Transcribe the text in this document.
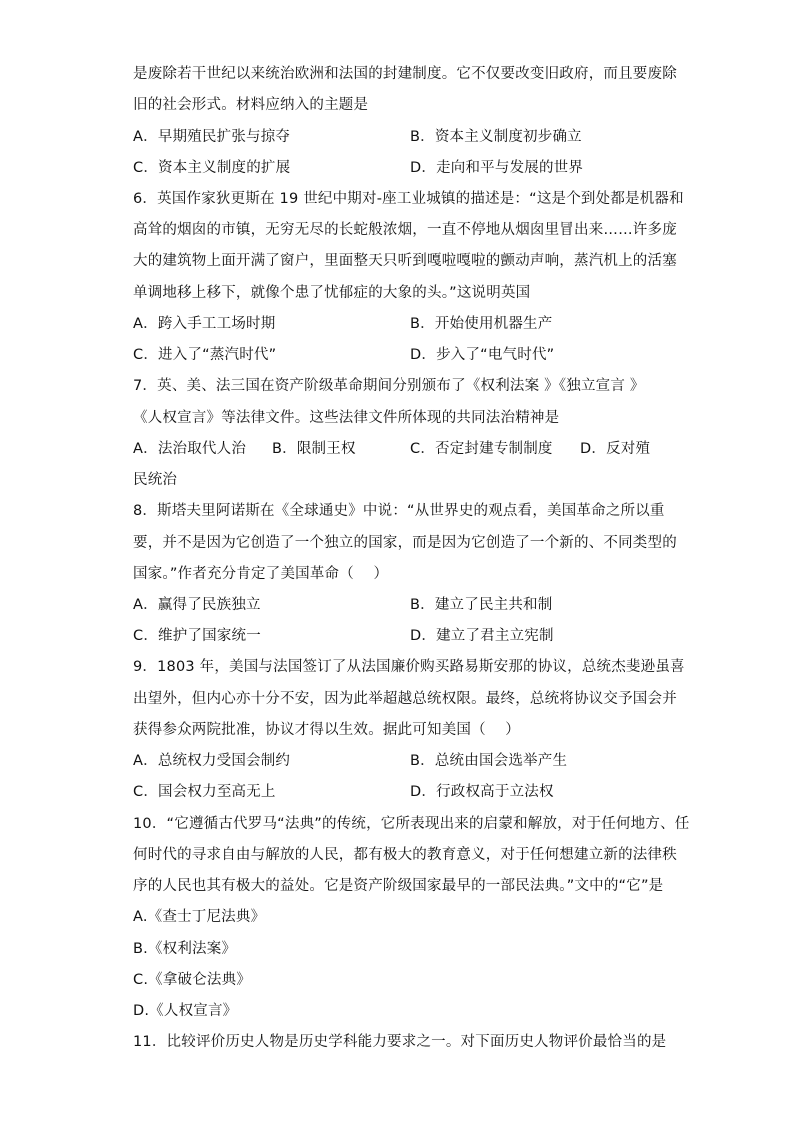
是废除若干世纪以来统治欧洲和法国的封建制度。它不仅要改变旧政府，而且要废除
旧的社会形式。材料应纳入的主题是
A．早期殖民扩张与掠夺	B．资本主义制度初步确立
C．资本主义制度的扩展	D．走向和平与发展的世界
6．英国作家狄更斯在 19 世纪中期对-座工业城镇的描述是：“这是个到处都是机器和
高耸的烟囱的市镇，无穷无尽的长蛇般浓烟，一直不停地从烟囱里冒出来……许多庞
大的建筑物上面开满了窗户，里面整天只听到嘎啦嘎啦的颤动声响，蒸汽机上的活塞
单调地移上移下，就像个患了忧郁症的大象的头。”这说明英国
A．跨入手工工场时期	B．开始使用机器生产
C．进入了“蒸汽时代”	D．步入了“电气时代”
7．英、美、法三国在资产阶级革命期间分别颁布了《权利法案 》《独立宣言 》
《人权宣言》等法律文件。这些法律文件所体现的共同法治精神是
A．法治取代人治 B．限制王权	C．否定封建专制制度 D．反对殖
民统治
8．斯塔夫里阿诺斯在《全球通史》中说：“从世界史的观点看，美国革命之所以重
要，并不是因为它创造了一个独立的国家，而是因为它创造了一个新的、不同类型的
国家。”作者充分肯定了美国革命（　 ）
A．赢得了民族独立	B．建立了民主共和制
C．维护了国家统一	D．建立了君主立宪制
9．1803 年，美国与法国签订了从法国廉价购买路易斯安那的协议，总统杰斐逊虽喜
出望外，但内心亦十分不安，因为此举超越总统权限。最终，总统将协议交予国会并
获得参众两院批准，协议才得以生效。据此可知美国（　 ）
A．总统权力受国会制约	B．总统由国会选举产生
C．国会权力至高无上	D．行政权高于立法权
10．“它遵循古代罗马“法典”的传统，它所表现出来的启蒙和解放，对于任何地方、任
何时代的寻求自由与解放的人民，都有极大的教育意义，对于任何想建立新的法律秩
序的人民也其有极大的益处。它是资产阶级国家最早的一部民法典。”文中的“它”是
A.《查士丁尼法典》
B.《权利法案》
C.《拿破仑法典》
D.《人权宣言》
11．比较评价历史人物是历史学科能力要求之一。对下面历史人物评价最恰当的是
